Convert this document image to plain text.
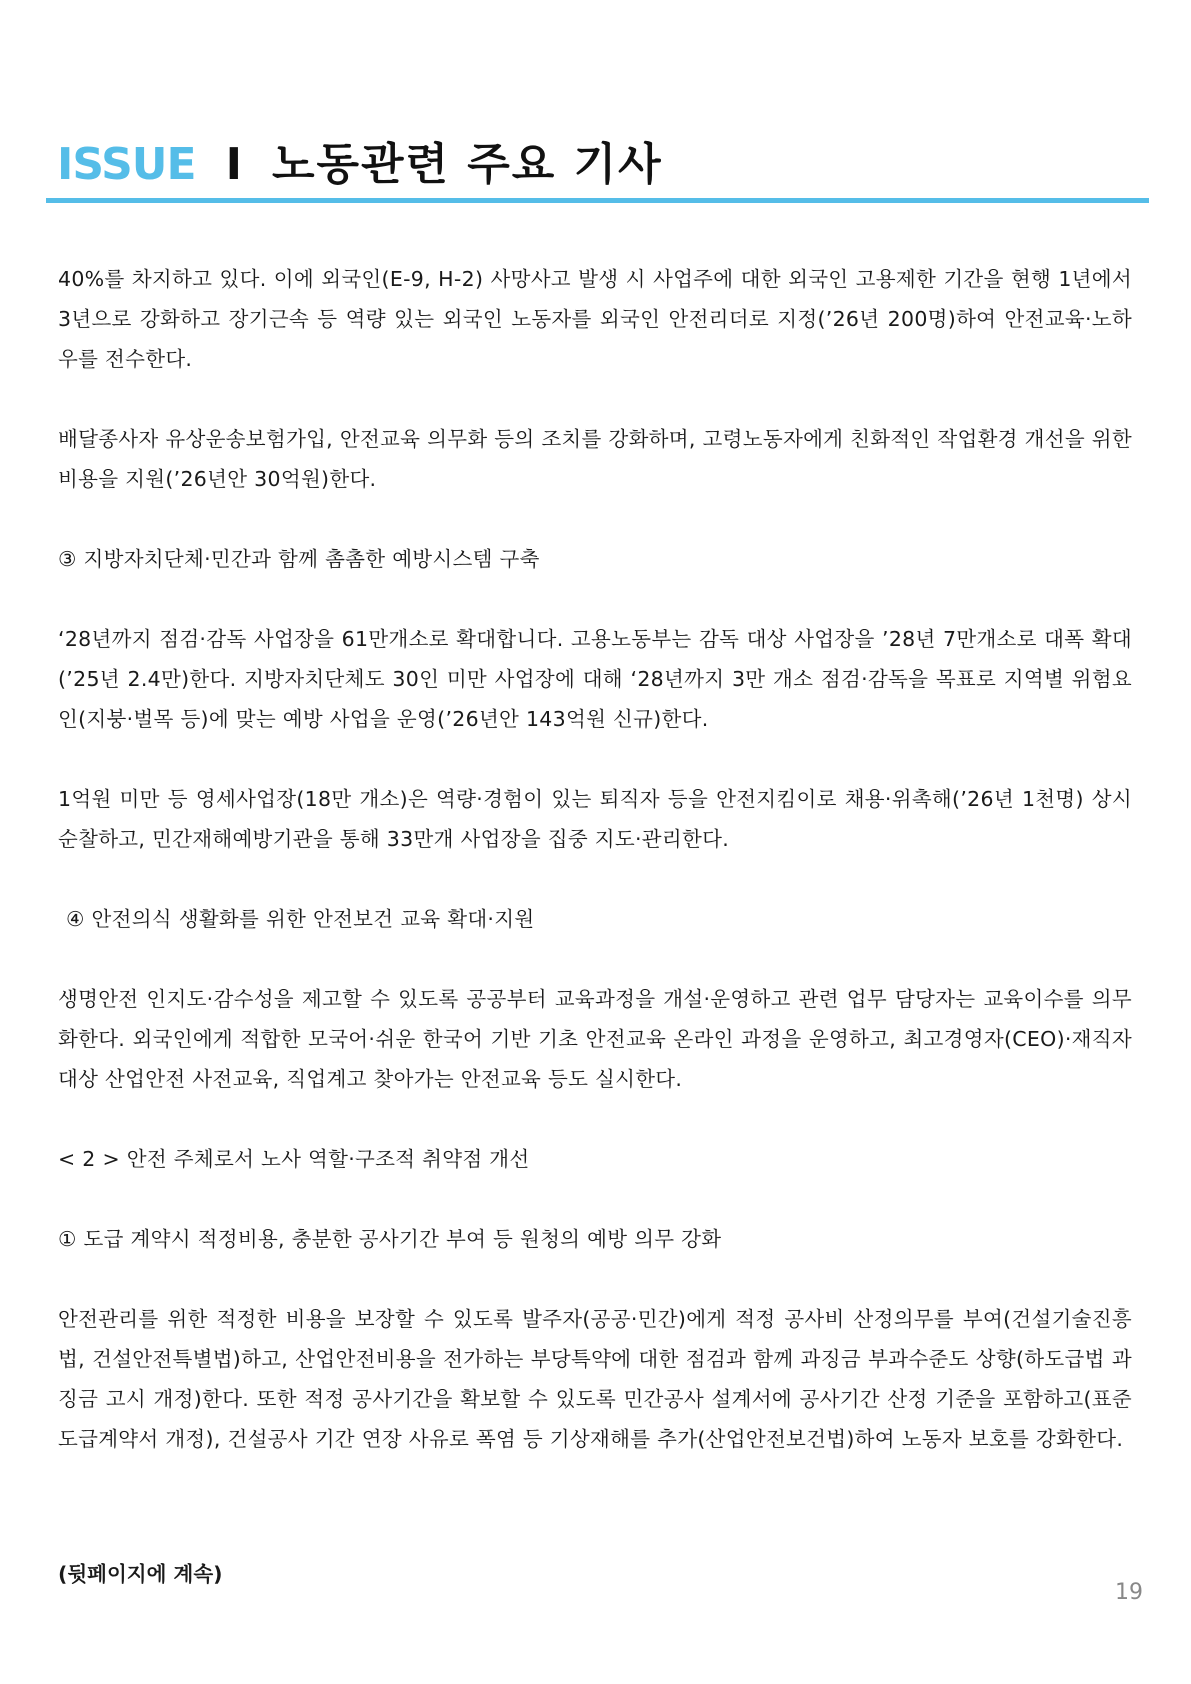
ISSUE I 노동관련 주요 기사

40%를 차지하고 있다. 이에 외국인(E-9, H-2) 사망사고 발생 시 사업주에 대한 외국인 고용제한 기간을 현행 1년에서 3년으로 강화하고 장기근속 등 역량 있는 외국인 노동자를 외국인 안전리더로 지정(’26년 200명)하여 안전교육·노하우를 전수한다.

배달종사자 유상운송보험가입, 안전교육 의무화 등의 조치를 강화하며, 고령노동자에게 친화적인 작업환경 개선을 위한 비용을 지원(’26년안 30억원)한다.

③ 지방자치단체·민간과 함께 촘촘한 예방시스템 구축

‘28년까지 점검·감독 사업장을 61만개소로 확대합니다. 고용노동부는 감독 대상 사업장을 ’28년 7만개소로 대폭 확대(’25년 2.4만)한다. 지방자치단체도 30인 미만 사업장에 대해 ‘28년까지 3만 개소 점검·감독을 목표로 지역별 위험요인(지붕·벌목 등)에 맞는 예방 사업을 운영(’26년안 143억원 신규)한다.

1억원 미만 등 영세사업장(18만 개소)은 역량·경험이 있는 퇴직자 등을 안전지킴이로 채용·위촉해(’26년 1천명) 상시 순찰하고, 민간재해예방기관을 통해 33만개 사업장을 집중 지도·관리한다.

④ 안전의식 생활화를 위한 안전보건 교육 확대·지원

생명안전 인지도·감수성을 제고할 수 있도록 공공부터 교육과정을 개설·운영하고 관련 업무 담당자는 교육이수를 의무화한다. 외국인에게 적합한 모국어·쉬운 한국어 기반 기초 안전교육 온라인 과정을 운영하고, 최고경영자(CEO)·재직자 대상 산업안전 사전교육, 직업계고 찾아가는 안전교육 등도 실시한다.

< 2 > 안전 주체로서 노사 역할·구조적 취약점 개선

① 도급 계약시 적정비용, 충분한 공사기간 부여 등 원청의 예방 의무 강화

안전관리를 위한 적정한 비용을 보장할 수 있도록 발주자(공공·민간)에게 적정 공사비 산정의무를 부여(건설기술진흥법, 건설안전특별법)하고, 산업안전비용을 전가하는 부당특약에 대한 점검과 함께 과징금 부과수준도 상향(하도급법 과징금 고시 개정)한다. 또한 적정 공사기간을 확보할 수 있도록 민간공사 설계서에 공사기간 산정 기준을 포함하고(표준도급계약서 개정), 건설공사 기간 연장 사유로 폭염 등 기상재해를 추가(산업안전보건법)하여 노동자 보호를 강화한다.

(뒷페이지에 계속)
19
